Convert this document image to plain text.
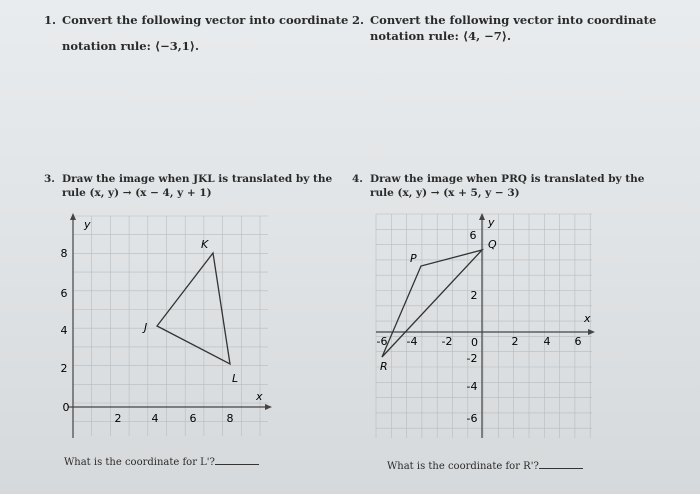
1. Convert the following vector into coordinate
notation rule: ⟨−3,1⟩.
2. Convert the following vector into coordinate
notation rule: ⟨4, −7⟩.
3. Draw the image when JKL is translated by the
rule (x, y) → (x − 4, y + 1)
4. Draw the image when PRQ is translated by the
rule (x, y) → (x + 5, y − 3)
y
x
0
8
6
4
2
2	4	6	8
J
K
L
y
x
6
2
-2
-4
-6
0
-6 -4 -2	2 4 6
P
R
Q
What is the coordinate for L'?	What is the coordinate for R'?
